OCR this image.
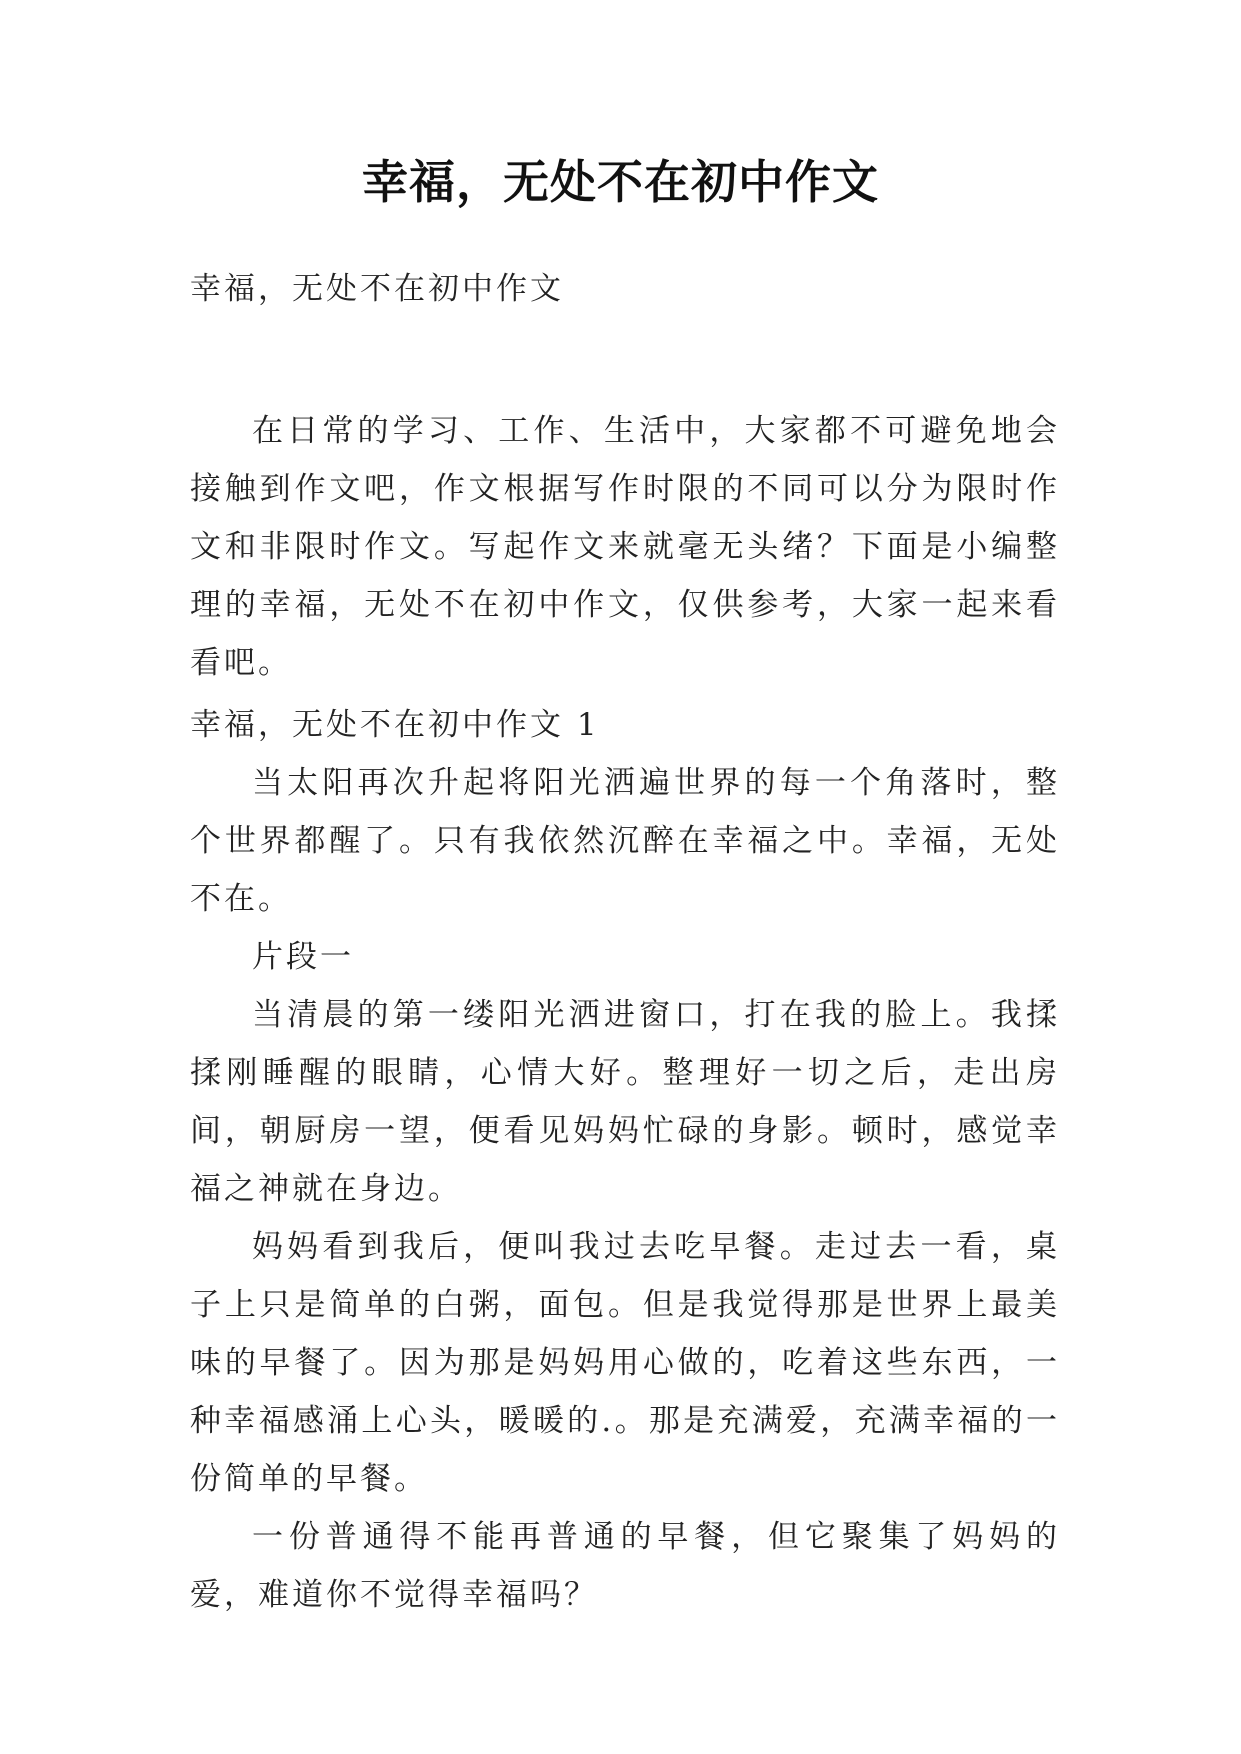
幸福，无处不在初中作文

幸福，无处不在初中作文

在日常的学习、工作、生活中，大家都不可避免地会接触到作文吧，作文根据写作时限的不同可以分为限时作文和非限时作文。写起作文来就毫无头绪？下面是小编整理的幸福，无处不在初中作文，仅供参考，大家一起来看看吧。

幸福，无处不在初中作文 1

当太阳再次升起将阳光洒遍世界的每一个角落时，整个世界都醒了。只有我依然沉醉在幸福之中。幸福，无处不在。

片段一

当清晨的第一缕阳光洒进窗口，打在我的脸上。我揉揉刚睡醒的眼睛，心情大好。整理好一切之后，走出房间，朝厨房一望，便看见妈妈忙碌的身影。顿时，感觉幸福之神就在身边。

妈妈看到我后，便叫我过去吃早餐。走过去一看，桌子上只是简单的白粥，面包。但是我觉得那是世界上最美味的早餐了。因为那是妈妈用心做的，吃着这些东西，一种幸福感涌上心头，暖暖的.。那是充满爱，充满幸福的一份简单的早餐。

一份普通得不能再普通的早餐，但它聚集了妈妈的爱，难道你不觉得幸福吗？
